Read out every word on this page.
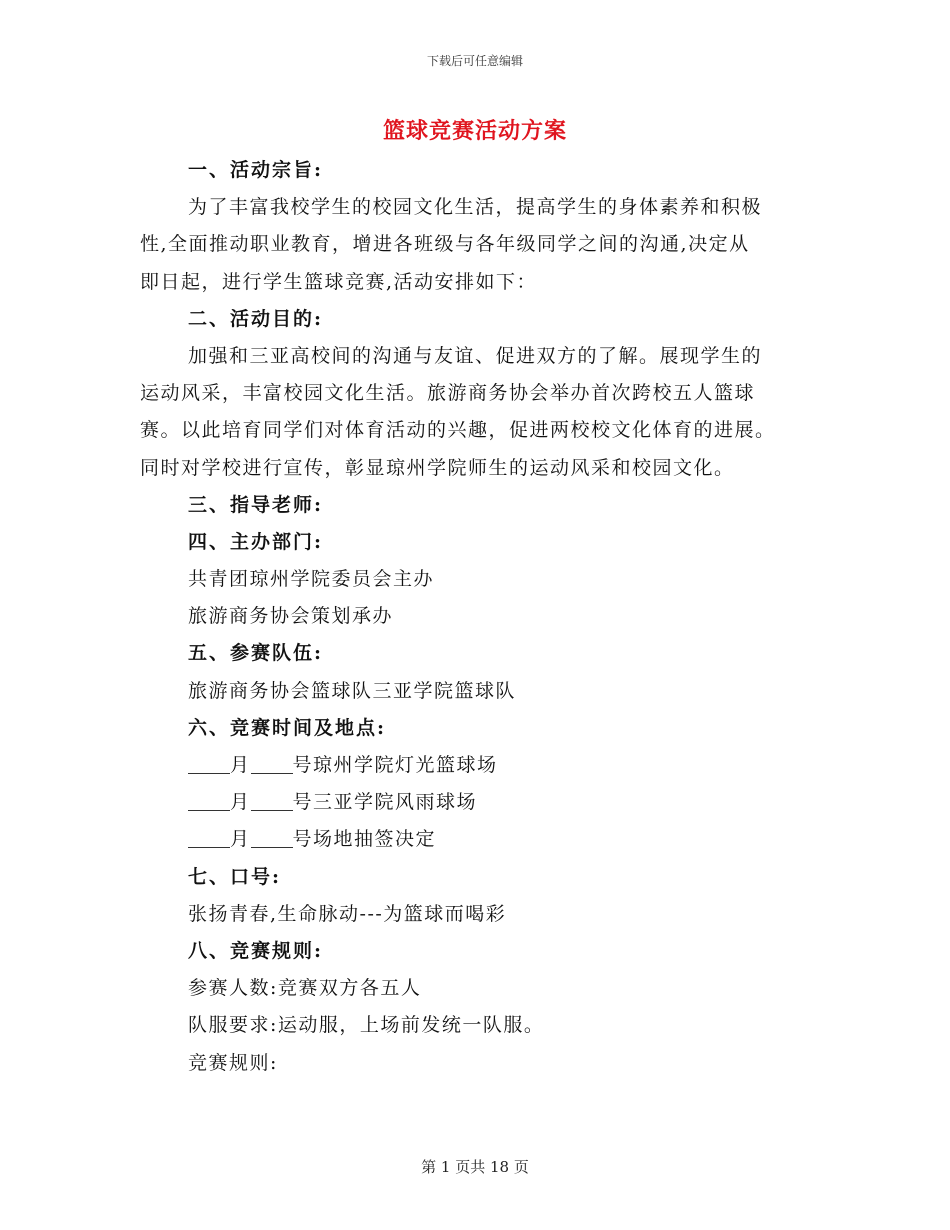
下载后可任意编辑
篮球竞赛活动方案
一、活动宗旨:
为了丰富我校学生的校园文化生活，提高学生的身体素养和积极
性,全面推动职业教育，增进各班级与各年级同学之间的沟通,决定从
即日起，进行学生篮球竞赛,活动安排如下：
二、活动目的:
加强和三亚高校间的沟通与友谊、促进双方的了解。展现学生的
运动风采，丰富校园文化生活。旅游商务协会举办首次跨校五人篮球
赛。以此培育同学们对体育活动的兴趣，促进两校校文化体育的进展。
同时对学校进行宣传，彰显琼州学院师生的运动风采和校园文化。
三、指导老师:
四、主办部门:
共青团琼州学院委员会主办
旅游商务协会策划承办
五、参赛队伍:
旅游商务协会篮球队三亚学院篮球队
六、竞赛时间及地点:
月 号琼州学院灯光篮球场
月 号三亚学院风雨球场
月 号场地抽签决定
七、口号:
张扬青春,生命脉动---为篮球而喝彩
八、竞赛规则:
参赛人数:竞赛双方各五人
队服要求:运动服，上场前发统一队服。
竞赛规则:
第 1 页共 18 页
